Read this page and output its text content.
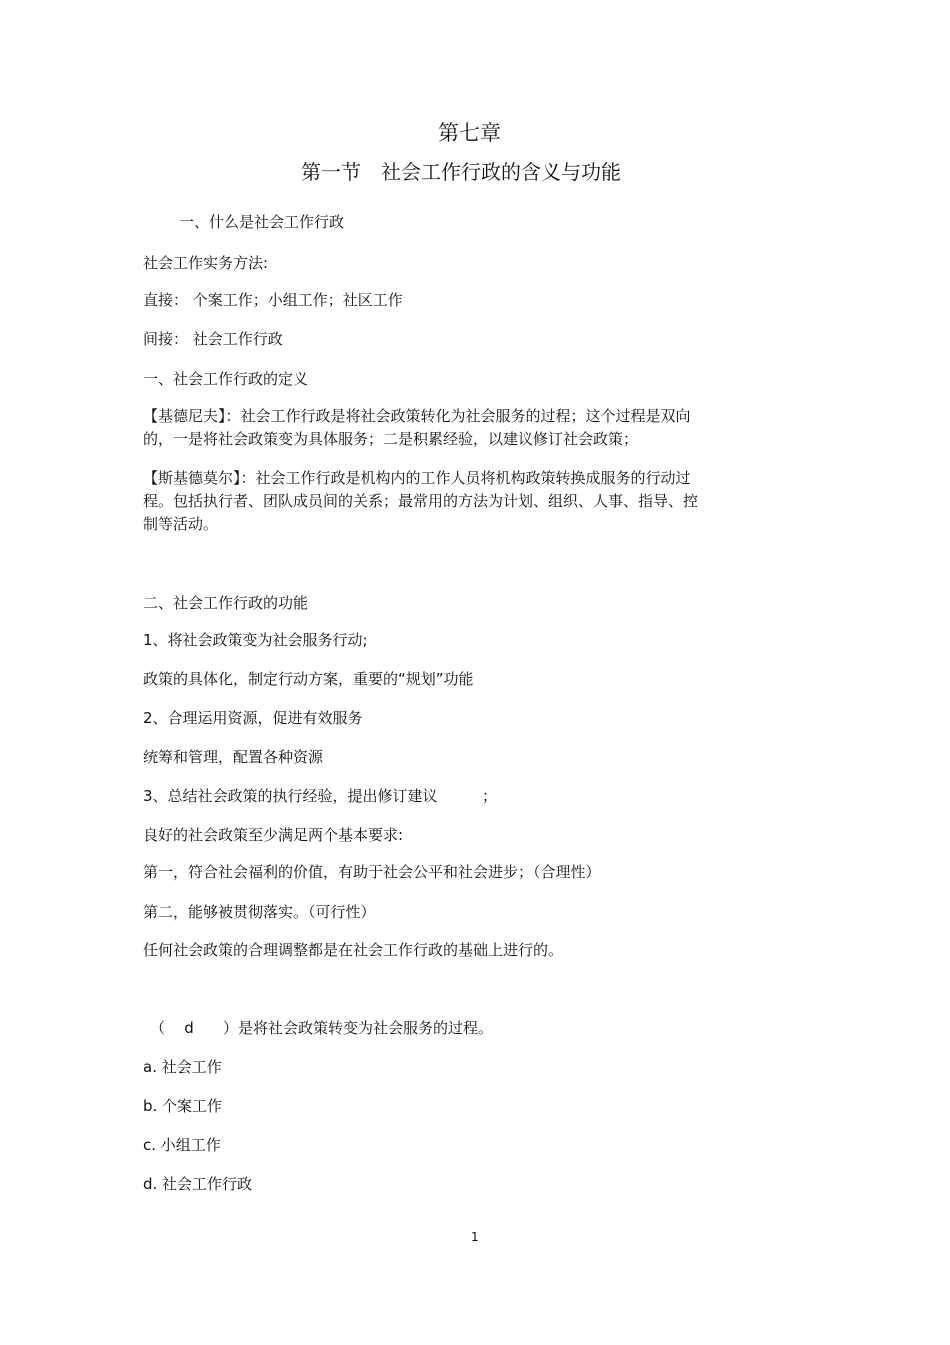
第七章
第一节　社会工作行政的含义与功能
一、什么是社会工作行政
社会工作实务方法:
直接： 个案工作；小组工作；社区工作
间接： 社会工作行政
一、社会工作行政的定义
【基德尼夫】：社会工作行政是将社会政策转化为社会服务的过程；这个过程是双向
的，一是将社会政策变为具体服务；二是积累经验，以建议修订社会政策；
【斯基德莫尔】：社会工作行政是机构内的工作人员将机构政策转换成服务的行动过
程。包括执行者、团队成员间的关系；最常用的方法为计划、组织、人事、指导、控
制等活动。
二、社会工作行政的功能
1、将社会政策变为社会服务行动;
政策的具体化，制定行动方案，重要的“规划”功能
2、合理运用资源，促进有效服务
统筹和管理，配置各种资源
3、总结社会政策的执行经验，提出修订建议	；
良好的社会政策至少满足两个基本要求:
第一，符合社会福利的价值，有助于社会公平和社会进步；（合理性）
第二，能够被贯彻落实。（可行性）
任何社会政策的合理调整都是在社会工作行政的基础上进行的。
（ d ）是将社会政策转变为社会服务的过程。
a. 社会工作
b. 个案工作
c. 小组工作
d. 社会工作行政
1
